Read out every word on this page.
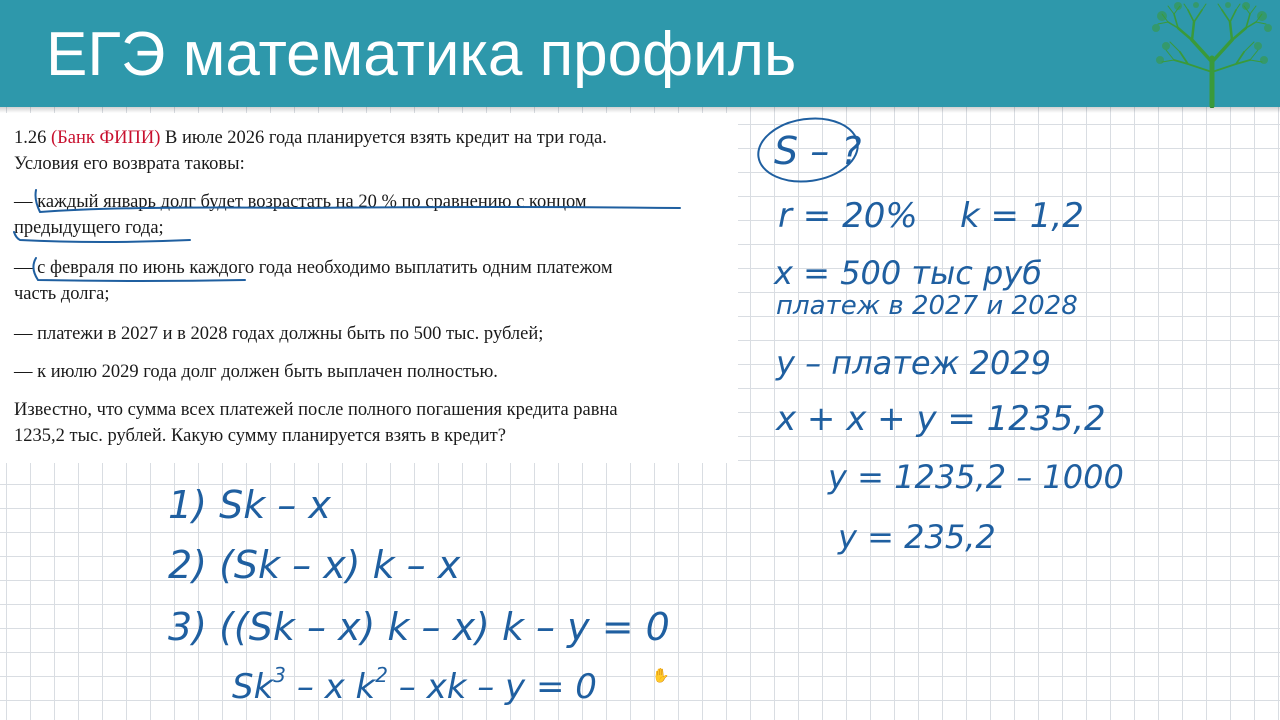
ЕГЭ математика профиль

1.26 (Банк ФИПИ) В июле 2026 года планируется взять кредит на три года.

Условия его возврата таковы:

— каждый январь долг будет возрастать на 20 % по сравнению с концом

предыдущего года;

— с февраля по июнь каждого года необходимо выплатить одним платежом

часть долга;

— платежи в 2027 и в 2028 годах должны быть по 500 тыс. рублей;

— к июлю 2029 года долг должен быть выплачен полностью.

Известно, что сумма всех платежей после полного погашения кредита равна

1235,2 тыс. рублей. Какую сумму планируется взять в кредит?

S – ?
r = 20% k = 1,2
x = 500 тыс руб
платеж в 2027 и 2028
y – платеж 2029
x + x + y = 1235,2
y = 1235,2 – 1000
y = 235,2
1) Sk – x
2) (Sk – x) k – x
3) ((Sk – x) k – x) k – y = 0
Sk$^3$ – x $k^2$ – xk – y = 0	✋
